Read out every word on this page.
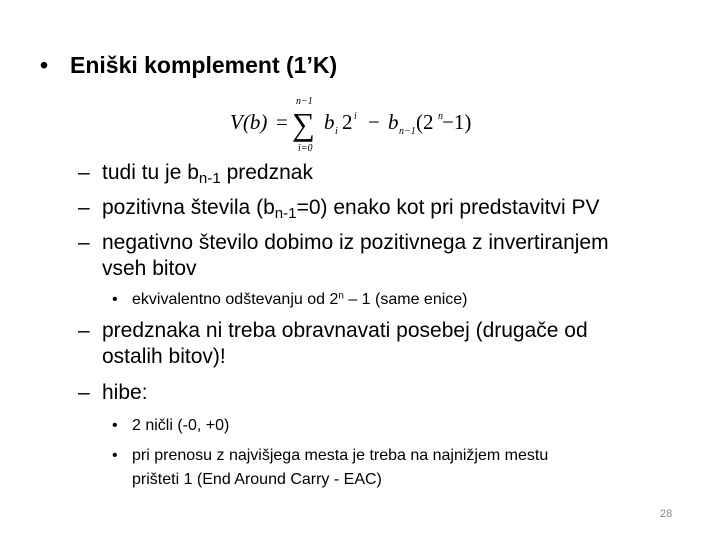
• Eniški komplement (1’K)
V(b) =
n−1
∑
i=0
b i 2 i − b n−1 (2 n −1)
– tudi tu je $b_{n-1}$ predznak
– pozitivna števila $(b_{n-1}=0)$ enako kot pri predstavitvi PV
– negativno število dobimo iz pozitivnega z invertiranjem
vseh bitov
• ekvivalentno odštevanju od 2$^n$ – 1 (same enice)
– predznaka ni treba obravnavati posebej (drugače od
ostalih bitov)!
– hibe:
• 2 ničli (-0, +0)
• pri prenosu z najvišjega mesta je treba na najnižjem mestu
prišteti 1 (End Around Carry - EAC)
28
